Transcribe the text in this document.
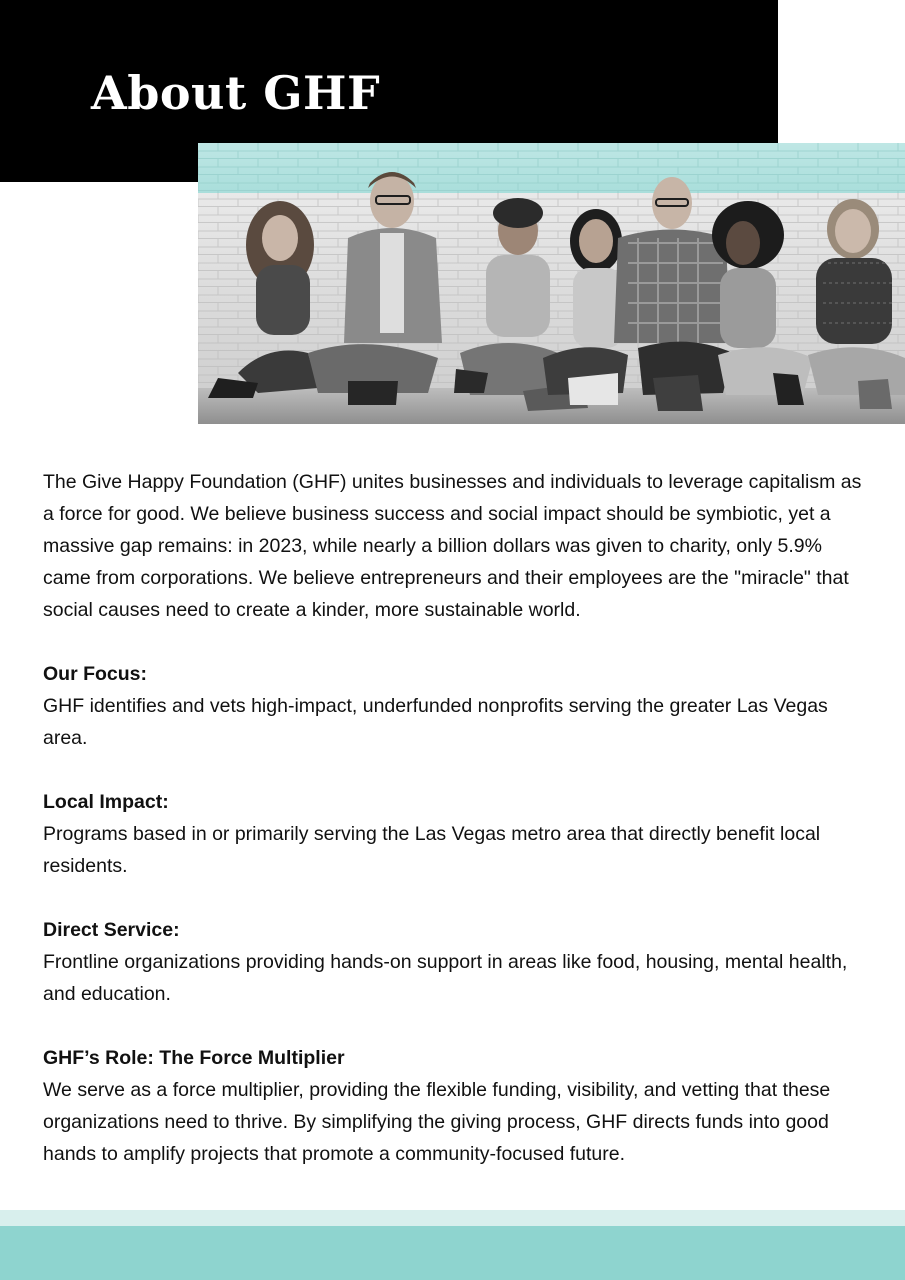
About GHF

The Give Happy Foundation (GHF) unites businesses and individuals to leverage capitalism as a force for good. We believe business success and social impact should be symbiotic, yet a massive gap remains: in 2023, while nearly a billion dollars was given to charity, only 5.9% came from corporations. We believe entrepreneurs and their employees are the "miracle" that social causes need to create a kinder, more sustainable world.

Our Focus:

GHF identifies and vets high-impact, underfunded nonprofits serving the greater Las Vegas area.

Local Impact:

Programs based in or primarily serving the Las Vegas metro area that directly benefit local residents.

Direct Service:

Frontline organizations providing hands-on support in areas like food, housing, mental health, and education.

GHF’s Role: The Force Multiplier

We serve as a force multiplier, providing the flexible funding, visibility, and vetting that these organizations need to thrive. By simplifying the giving process, GHF directs funds into good hands to amplify projects that promote a community-focused future.
